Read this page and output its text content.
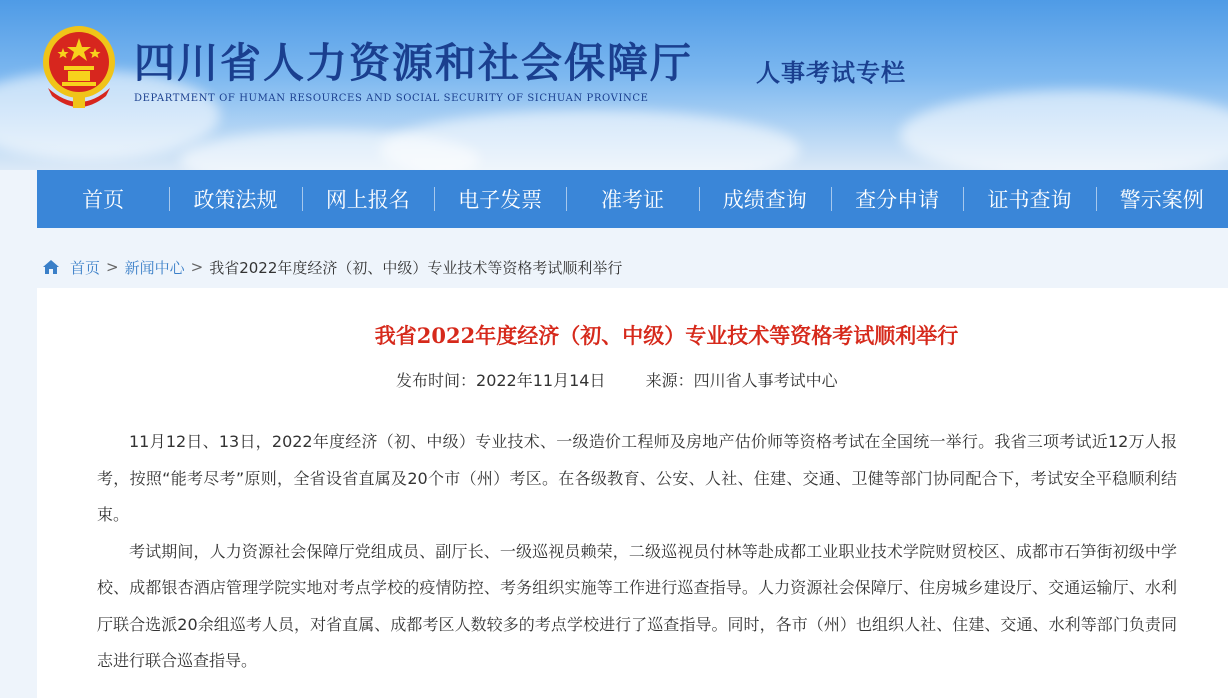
四川省人力资源和社会保障厅
DEPARTMENT OF HUMAN RESOURCES AND SOCIAL SECURITY OF SICHUAN PROVINCE
人事考试专栏
首页	政策法规	网上报名	电子发票	准考证	成绩查询	查分申请	证书查询	警示案例
首页 > 新闻中心 > 我省2022年度经济（初、中级）专业技术等资格考试顺利举行
我省2022年度经济（初、中级）专业技术等资格考试顺利举行
发布时间：2022年11月14日	来源：四川省人事考试中心

11月12日、13日，2022年度经济（初、中级）专业技术、一级造价工程师及房地产估价师等资格考试在全国统一举行。我省三项考试近12万人报考，按照“能考尽考”原则，全省设省直属及20个市（州）考区。在各级教育、公安、人社、住建、交通、卫健等部门协同配合下，考试安全平稳顺利结束。

考试期间，人力资源社会保障厅党组成员、副厅长、一级巡视员赖荣，二级巡视员付林等赴成都工业职业技术学院财贸校区、成都市石笋街初级中学校、成都银杏酒店管理学院实地对考点学校的疫情防控、考务组织实施等工作进行巡查指导。人力资源社会保障厅、住房城乡建设厅、交通运输厅、水利厅联合选派20余组巡考人员，对省直属、成都考区人数较多的考点学校进行了巡查指导。同时，各市（州）也组织人社、住建、交通、水利等部门负责同志进行联合巡查指导。
